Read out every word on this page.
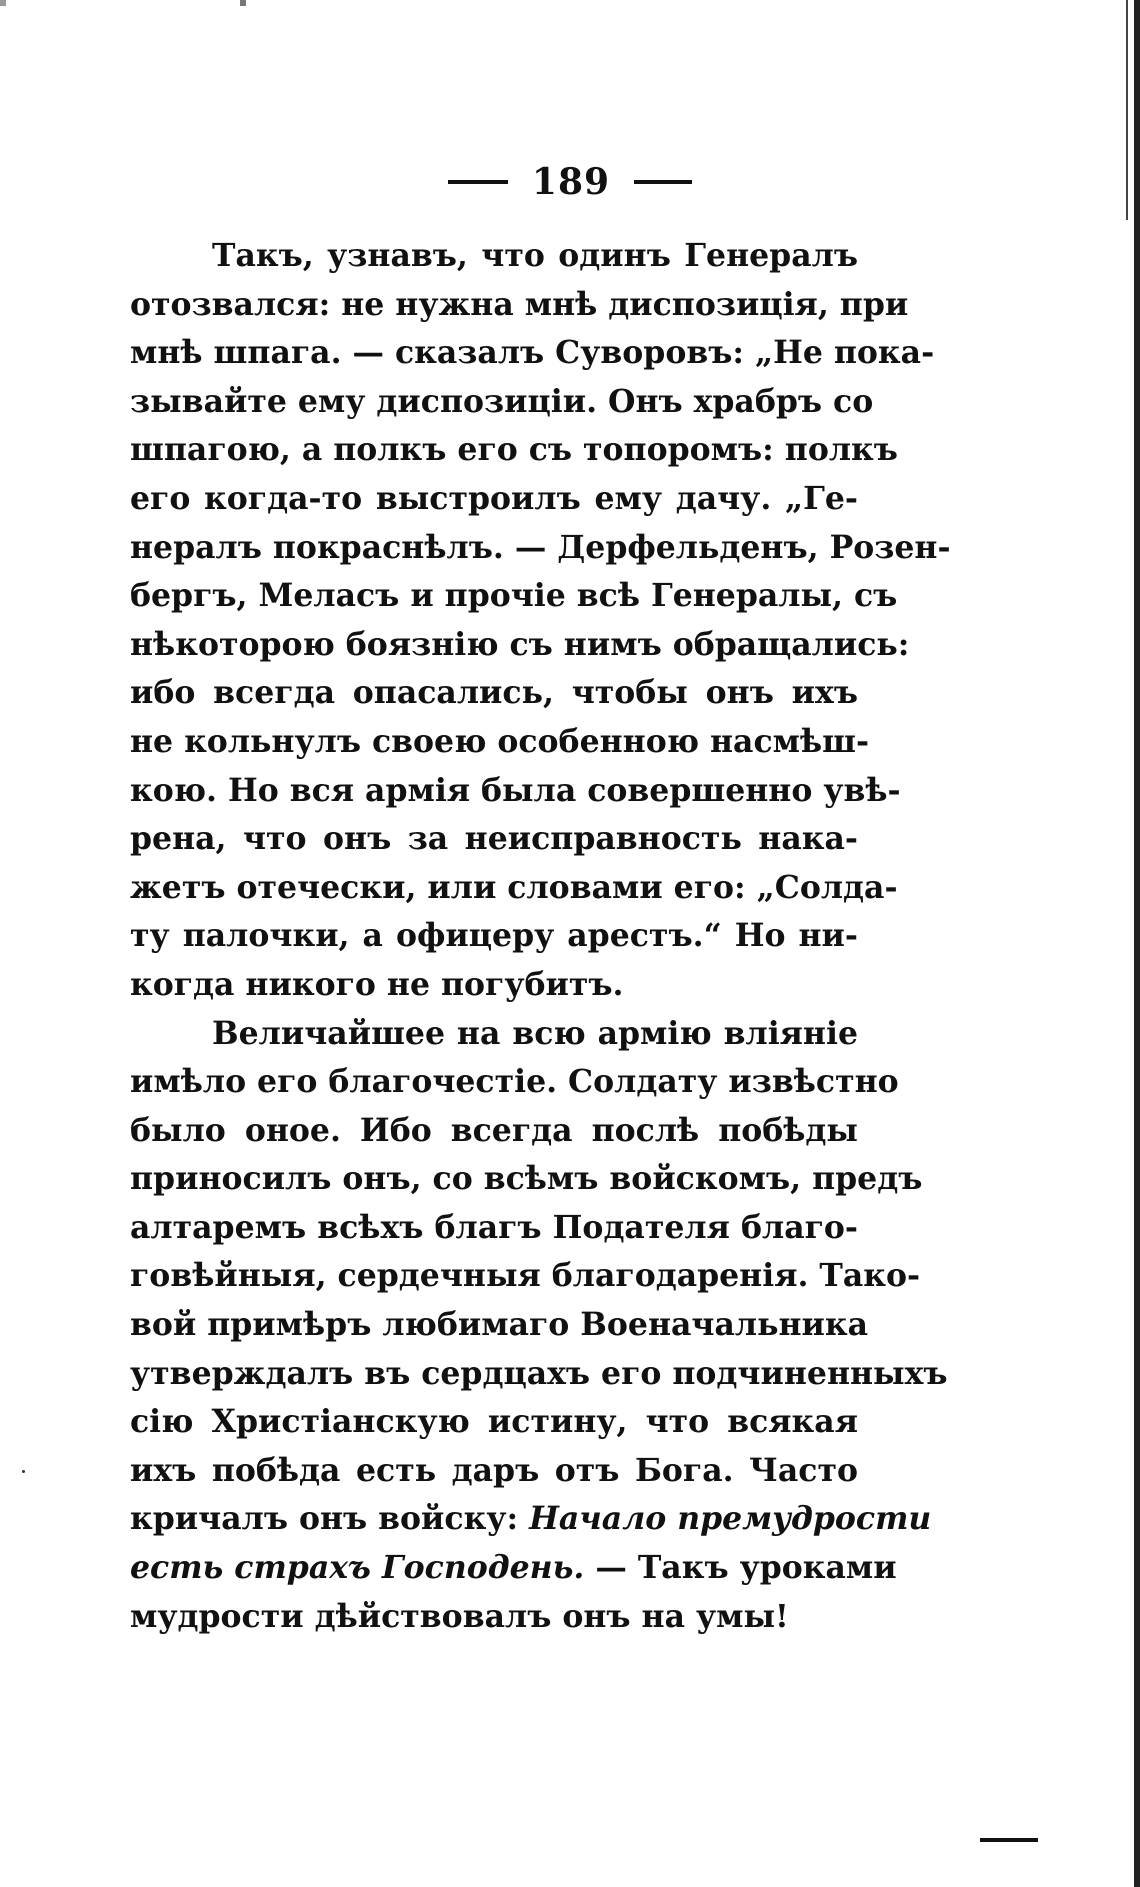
189
Такъ, узнавъ, что одинъ Генералъ
отозвался: не нужна мнѣ диспозиція, при
мнѣ шпага. — сказалъ Суворовъ: „Не пока-
зывайте ему диспозиціи. Онъ храбръ со
шпагою, а полкъ его съ топоромъ: полкъ
его когда-то выстроилъ ему дачу. „Ге-
нералъ покраснѣлъ. — Дерфельденъ, Розен-
бергъ, Меласъ и прочіе всѣ Генералы, съ
нѣкоторою боязнію съ нимъ обращались:
ибо всегда опасались, чтобы онъ ихъ
не кольнулъ своею особенною насмѣш-
кою. Но вся армія была совершенно увѣ-
рена, что онъ за неисправность нака-
жетъ отечески, или словами его: „Солда-
ту палочки, а офицеру арестъ.“ Но ни-
когда никого не погубитъ.
Величайшее на всю армію вліяніе
имѣло его благочестіе. Солдату извѣстно
было оное. Ибо всегда послѣ побѣды
приносилъ онъ, со всѣмъ войскомъ, предъ
алтаремъ всѣхъ благъ Подателя благо-
говѣйныя, сердечныя благодаренія. Тако-
вой примѣръ любимаго Военачальника
утверждалъ въ сердцахъ его подчиненныхъ
сію Христіанскую истину, что всякая
ихъ побѣда есть даръ отъ Бога. Часто
кричалъ онъ войску: Начало премудрости
есть страхъ Господень. — Такъ уроками
мудрости дѣйствовалъ онъ на умы!
